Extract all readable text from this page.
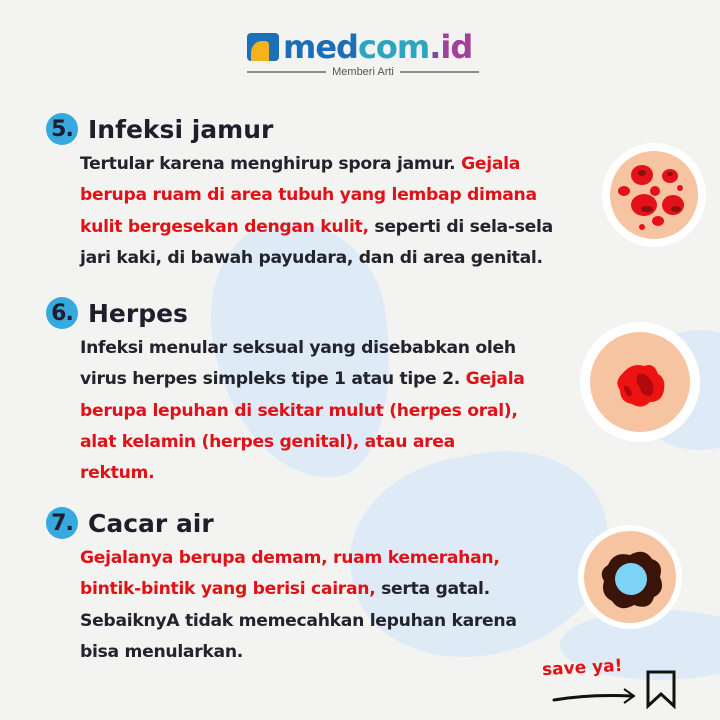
medcom.id
Memberi Arti
5. Infeksi jamur
Tertular karena menghirup spora jamur. Gejala
berupa ruam di area tubuh yang lembap dimana
kulit bergesekan dengan kulit, seperti di sela-sela
jari kaki, di bawah payudara, dan di area genital.
6. Herpes
Infeksi menular seksual yang disebabkan oleh
virus herpes simpleks tipe 1 atau tipe 2. Gejala
berupa lepuhan di sekitar mulut (herpes oral),
alat kelamin (herpes genital), atau area
rektum.
7. Cacar air
Gejalanya berupa demam, ruam kemerahan,
bintik-bintik yang berisi cairan, serta gatal.
SebaiknyA tidak memecahkan lepuhan karena
bisa menularkan.
save ya!
